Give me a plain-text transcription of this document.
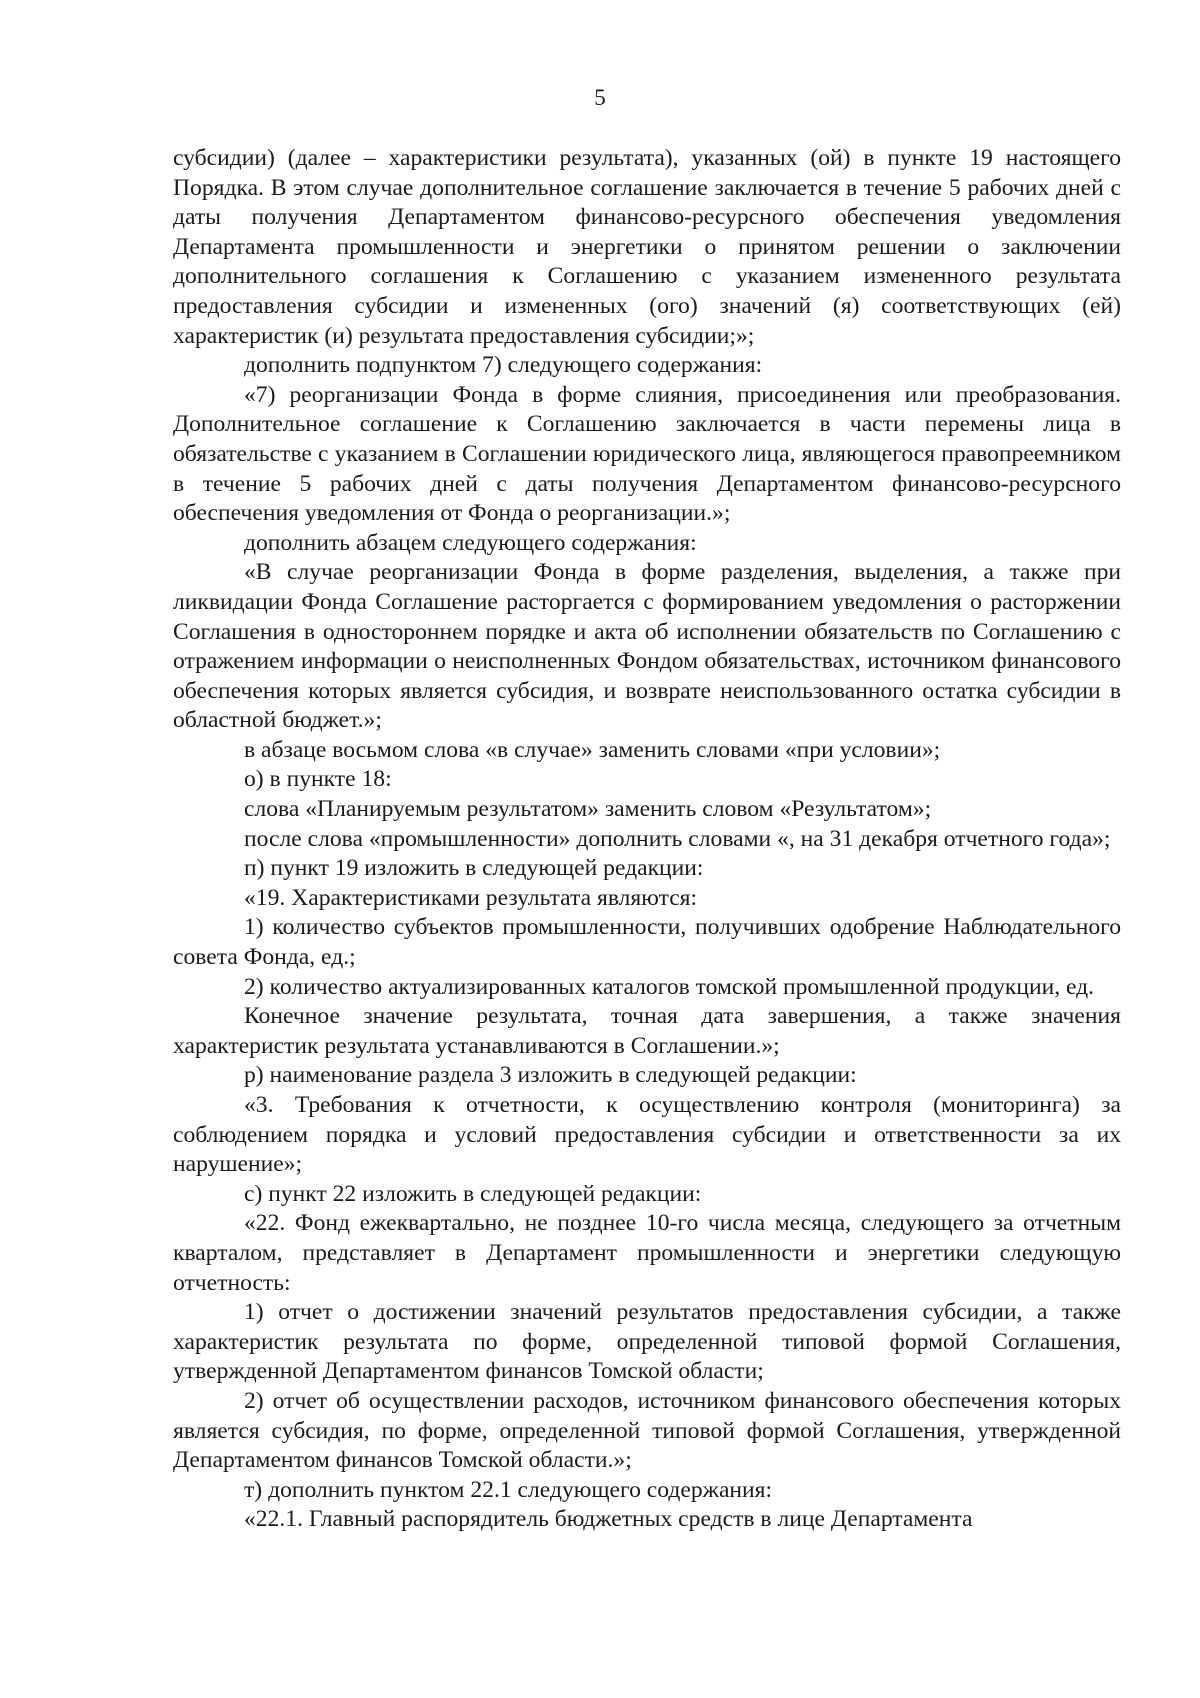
5

субсидии) (далее – характеристики результата), указанных (ой) в пункте 19 настоящего Порядка. В этом случае дополнительное соглашение заключается в течение 5 рабочих дней с даты получения Департаментом финансово-ресурсного обеспечения уведомления Департамента промышленности и энергетики о принятом решении о заключении дополнительного соглашения к Соглашению с указанием измененного результата предоставления субсидии и измененных (ого) значений (я) соответствующих (ей) характеристик (и) результата предоставления субсидии;»;

дополнить подпунктом 7) следующего содержания:

«7) реорганизации Фонда в форме слияния, присоединения или преобразования. Дополнительное соглашение к Соглашению заключается в части перемены лица в обязательстве с указанием в Соглашении юридического лица, являющегося правопреемником в течение 5 рабочих дней с даты получения Департаментом финансово-ресурсного обеспечения уведомления от Фонда о реорганизации.»;

дополнить абзацем следующего содержания:

«В случае реорганизации Фонда в форме разделения, выделения, а также при ликвидации Фонда Соглашение расторгается с формированием уведомления о расторжении Соглашения в одностороннем порядке и акта об исполнении обязательств по Соглашению с отражением информации о неисполненных Фондом обязательствах, источником финансового обеспечения которых является субсидия, и возврате неиспользованного остатка субсидии в областной бюджет.»;

в абзаце восьмом слова «в случае» заменить словами «при условии»;

о) в пункте 18:

слова «Планируемым результатом» заменить словом «Результатом»;

после слова «промышленности» дополнить словами «, на 31 декабря отчетного года»;

п) пункт 19 изложить в следующей редакции:

«19. Характеристиками результата являются:

1) количество субъектов промышленности, получивших одобрение Наблюдательного совета Фонда, ед.;

2) количество актуализированных каталогов томской промышленной продукции, ед.

Конечное значение результата, точная дата завершения, а также значения характеристик результата устанавливаются в Соглашении.»;

р) наименование раздела 3 изложить в следующей редакции:

«3. Требования к отчетности, к осуществлению контроля (мониторинга) за соблюдением порядка и условий предоставления субсидии и ответственности за их нарушение»;

с) пункт 22 изложить в следующей редакции:

«22. Фонд ежеквартально, не позднее 10-го числа месяца, следующего за отчетным кварталом, представляет в Департамент промышленности и энергетики следующую отчетность:

1) отчет о достижении значений результатов предоставления субсидии, а также характеристик результата по форме, определенной типовой формой Соглашения, утвержденной Департаментом финансов Томской области;

2) отчет об осуществлении расходов, источником финансового обеспечения которых является субсидия, по форме, определенной типовой формой Соглашения, утвержденной Департаментом финансов Томской области.»;

т) дополнить пунктом 22.1 следующего содержания:

«22.1. Главный распорядитель бюджетных средств в лице Департамента
